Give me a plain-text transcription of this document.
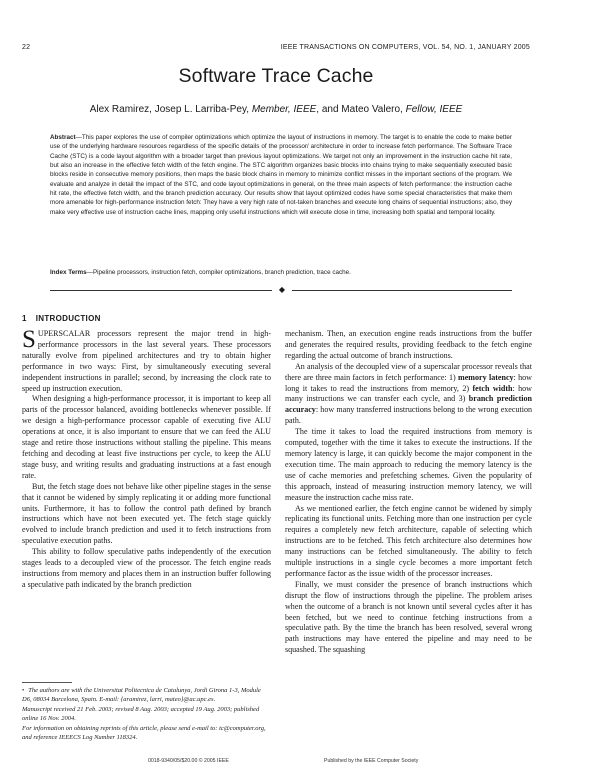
22	IEEE TRANSACTIONS ON COMPUTERS, VOL. 54, NO. 1, JANUARY 2005
Software Trace Cache
Alex Ramirez, Josep L. Larriba-Pey, Member, IEEE, and Mateo Valero, Fellow, IEEE
Abstract—This paper explores the use of compiler optimizations which optimize the layout of instructions in memory. The target is to enable the code to make better use of the underlying hardware resources regardless of the specific details of the processor/ architecture in order to increase fetch performance. The Software Trace Cache (STC) is a code layout algorithm with a broader target than previous layout optimizations. We target not only an improvement in the instruction cache hit rate, but also an increase in the effective fetch width of the fetch engine. The STC algorithm organizes basic blocks into chains trying to make sequentially executed basic blocks reside in consecutive memory positions, then maps the basic block chains in memory to minimize conflict misses in the important sections of the program. We evaluate and analyze in detail the impact of the STC, and code layout optimizations in general, on the three main aspects of fetch performance: the instruction cache hit rate, the effective fetch width, and the branch prediction accuracy. Our results show that layout optimized codes have some special characteristics that make them more amenable for high-performance instruction fetch: They have a very high rate of not-taken branches and execute long chains of sequential instructions; also, they make very effective use of instruction cache lines, mapping only useful instructions which will execute close in time, increasing both spatial and temporal locality.
Index Terms—Pipeline processors, instruction fetch, compiler optimizations, branch prediction, trace cache.
◆
1 INTRODUCTION

SUPERSCALAR processors represent the major trend in high-performance processors in the last several years. These processors naturally evolve from pipelined architectures and try to obtain higher performance in two ways: First, by simultaneously executing several independent instructions in parallel; second, by increasing the clock rate to speed up instruction execution.

When designing a high-performance processor, it is important to keep all parts of the processor balanced, avoiding bottlenecks whenever possible. If we design a high-performance processor capable of executing five ALU operations at once, it is also important to ensure that we can feed the ALU stage and retire those instructions without stalling the pipeline. This means fetching and decoding at least five instructions per cycle, to keep the ALU stage busy, and writing results and graduating instructions at a fast enough rate.

But, the fetch stage does not behave like other pipeline stages in the sense that it cannot be widened by simply replicating it or adding more functional units. Furthermore, it has to follow the control path defined by branch instructions which have not been executed yet. The fetch stage quickly evolved to include branch prediction and used it to fetch instructions from speculative execution paths.

This ability to follow speculative paths independently of the execution stages leads to a decoupled view of the processor. The fetch engine reads instructions from memory and places them in an instruction buffer following a speculative path indicated by the branch prediction

• The authors are with the Universitat Politecnica de Catalunya, Jordi Girona 1-3, Module D6, 08034 Barcelona, Spain. E-mail: {aramirez, larri, mateo}@ac.upc.es.

Manuscript received 21 Feb. 2003; revised 8 Aug. 2003; accepted 19 Aug. 2003; published online 16 Nov. 2004.

For information on obtaining reprints of this article, please send e-mail to: tc@computer.org, and reference IEEECS Log Number 118324.

mechanism. Then, an execution engine reads instructions from the buffer and generates the required results, providing feedback to the fetch engine regarding the actual outcome of branch instructions.

An analysis of the decoupled view of a superscalar processor reveals that there are three main factors in fetch performance: 1) memory latency: how long it takes to read the instructions from memory, 2) fetch width: how many instructions we can transfer each cycle, and 3) branch prediction accuracy: how many transferred instructions belong to the wrong execution path.

The time it takes to load the required instructions from memory is computed, together with the time it takes to execute the instructions. If the memory latency is large, it can quickly become the major component in the execution time. The main approach to reducing the memory latency is the use of cache memories and prefetching schemes. Given the popularity of this approach, instead of measuring instruction memory latency, we will measure the instruction cache miss rate.

As we mentioned earlier, the fetch engine cannot be widened by simply replicating its functional units. Fetching more than one instruction per cycle requires a completely new fetch architecture, capable of selecting which instructions are to be fetched. This fetch architecture also determines how many instructions can be fetched simultaneously. The ability to fetch multiple instructions in a single cycle becomes a more important fetch performance factor as the issue width of the processor increases.

Finally, we must consider the presence of branch instructions which disrupt the flow of instructions through the pipeline. The problem arises when the outcome of a branch is not known until several cycles after it has been fetched, but we need to continue fetching instructions from a speculative path. By the time the branch has been resolved, several wrong path instructions may have entered the pipeline and may need to be squashed. The squashing

0018-9340/05/$20.00 © 2005 IEEE	Published by the IEEE Computer Society
